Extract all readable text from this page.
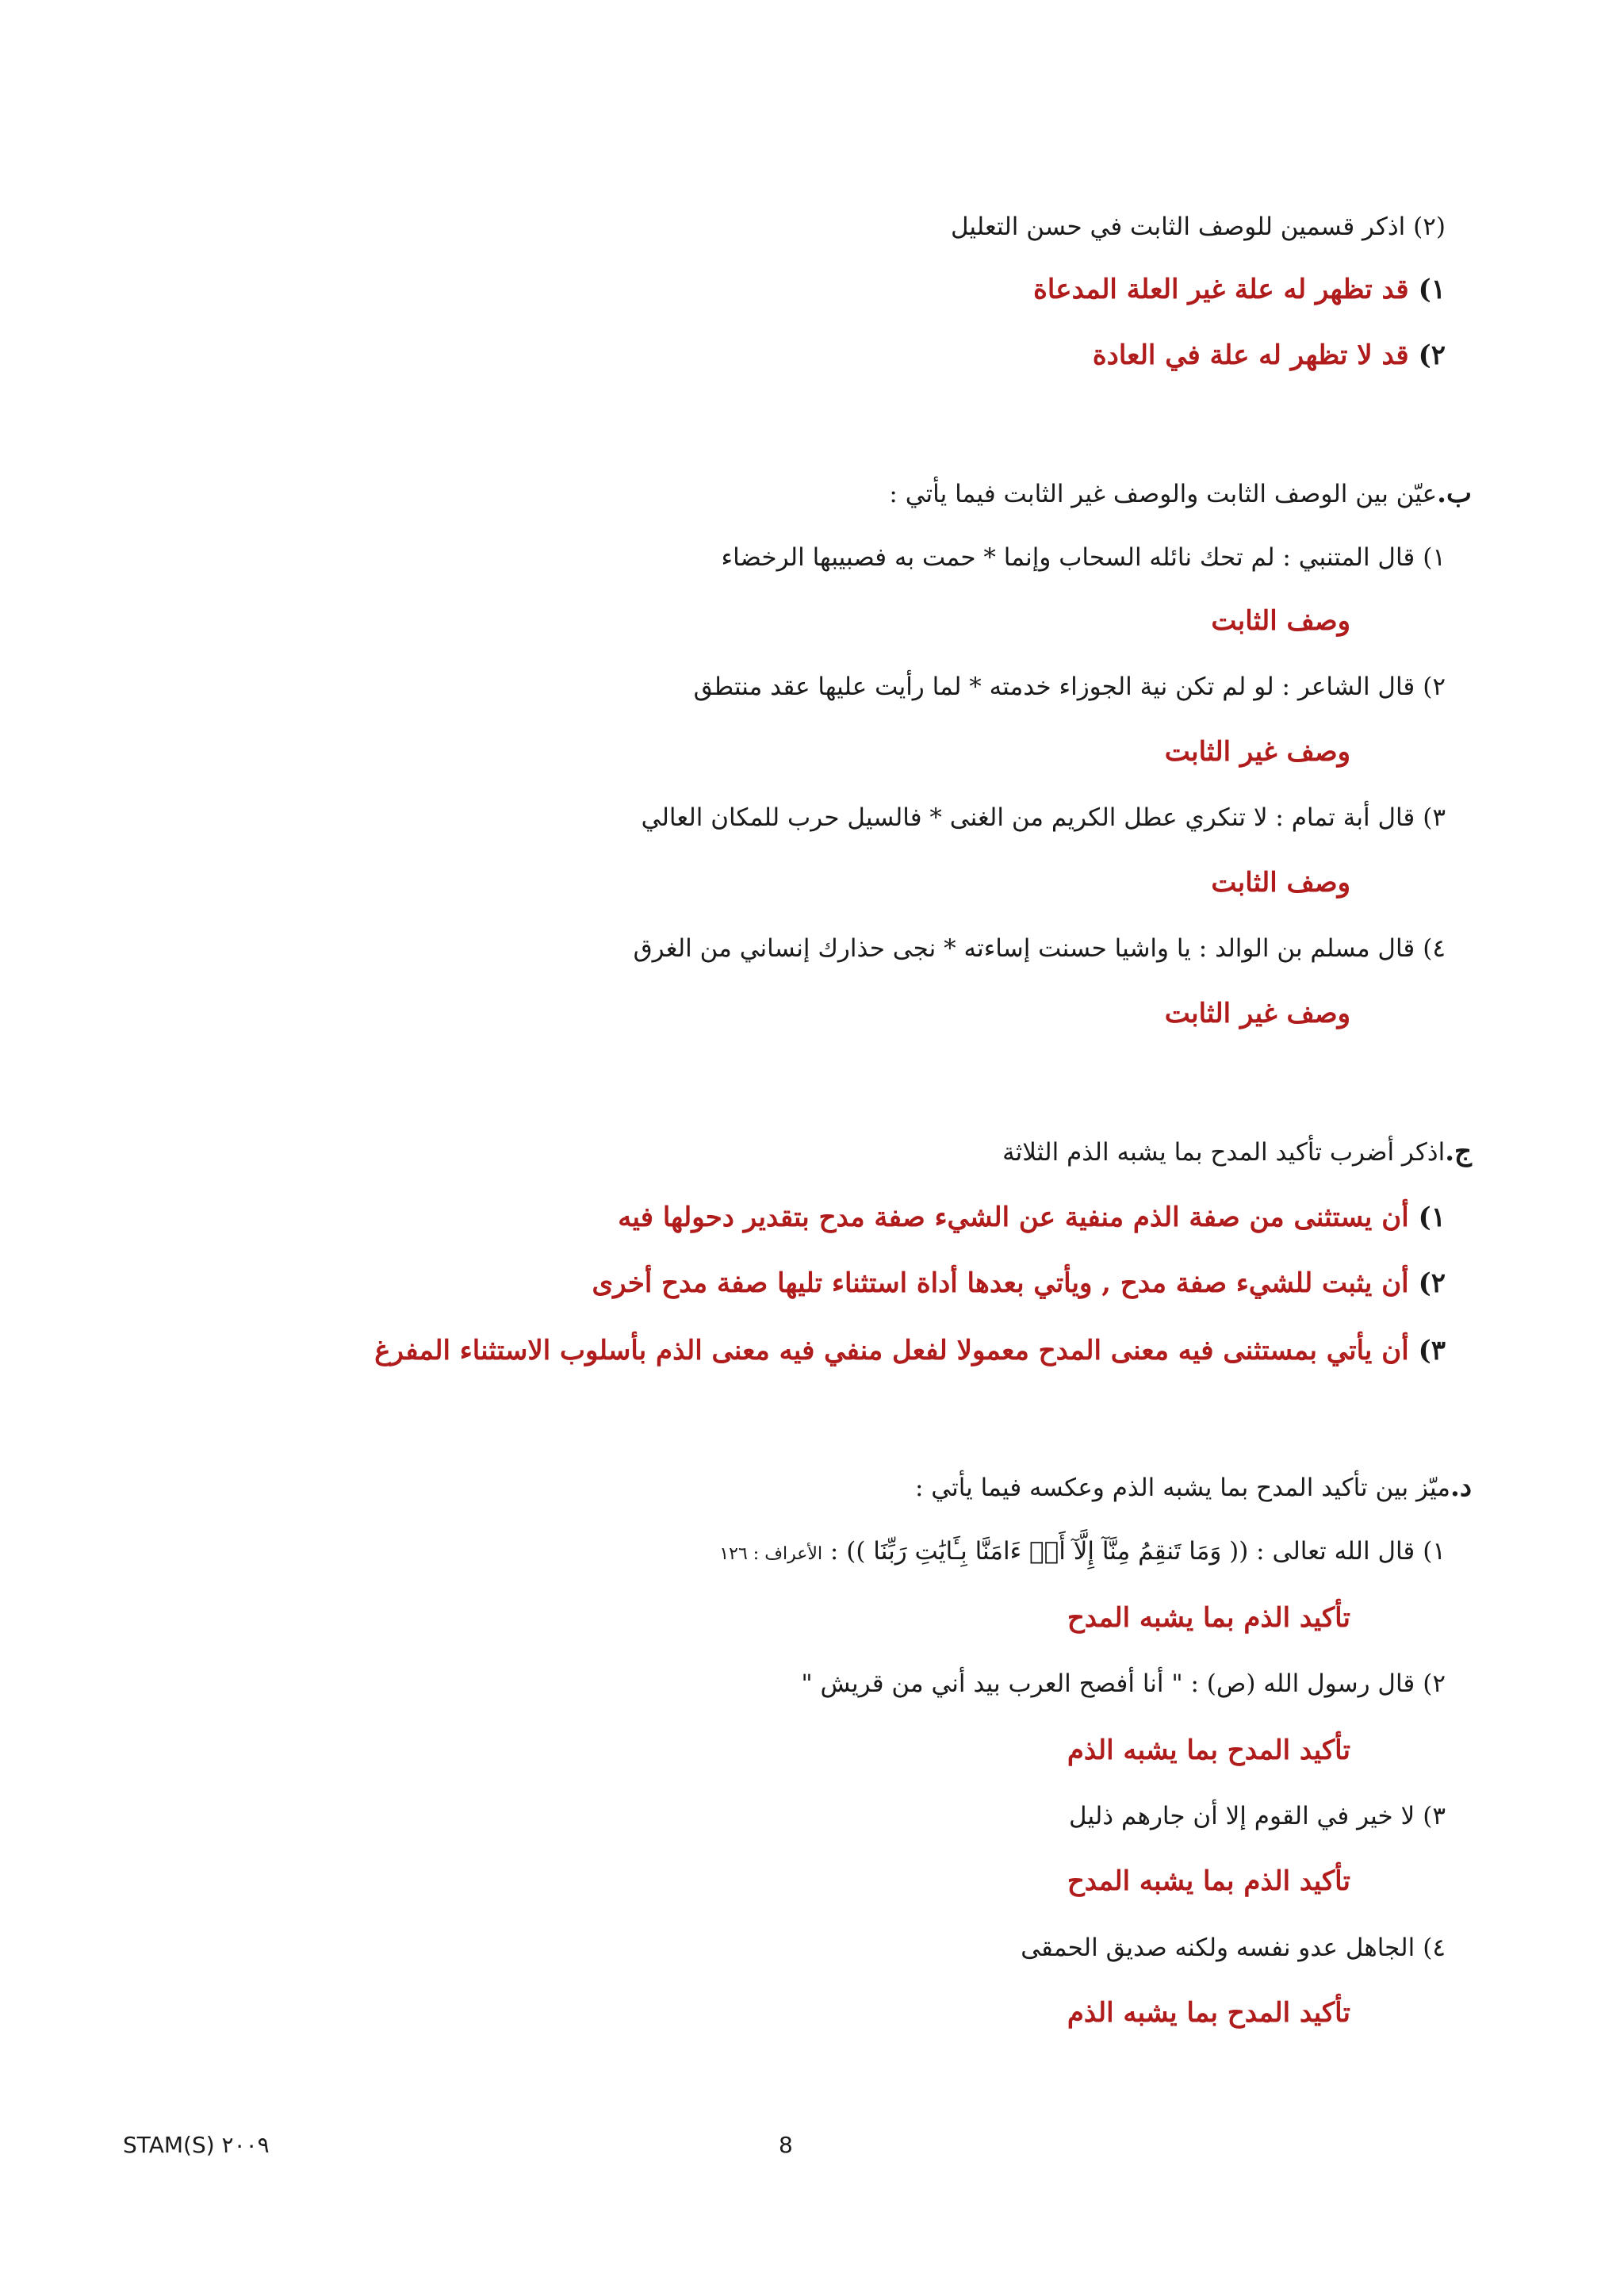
(٢) اذكر قسمين للوصف الثابت في حسن التعليل
١)قد تظهر له علة غير العلة المدعاة
٢)قد لا تظهر له علة في العادة
ب.عيّن بين الوصف الثابت والوصف غير الثابت فيما يأتي :
١)قال المتنبي : لم تحك نائله السحاب وإنما * حمت به فصبيبها الرخضاء
وصف الثابت
٢)قال الشاعر : لو لم تكن نية الجوزاء خدمته * لما رأيت عليها عقد منتطق
وصف غير الثابت
٣)قال أبة تمام : لا تنكري عطل الكريم من الغنى * فالسيل حرب للمكان العالي
وصف الثابت
٤)قال مسلم بن الوالد : يا واشيا حسنت إساءته * نجى حذارك إنساني من الغرق
وصف غير الثابت
ج.اذكر أضرب تأكيد المدح بما يشبه الذم الثلاثة
١)أن يستثنى من صفة الذم منفية عن الشيء صفة مدح بتقدير دحولها فيه
٢)أن يثبت للشيء صفة مدح , ويأتي بعدها أداة استثناء تليها صفة مدح أخرى
٣)أن يأتي بمستثنى فيه معنى المدح معمولا لفعل منفي فيه معنى الذم بأسلوب الاستثناء المفرغ
د.ميّز بين تأكيد المدح بما يشبه الذم وعكسه فيما يأتي :
١)قال الله تعالى : (( وَمَا تَنقِمُ مِنَّآ إِلَّآ أَنۡ ءَامَنَّا بِـَٔايَٰتِ رَبِّنَا )) : الأعراف : ١٢٦
تأكيد الذم بما يشبه المدح
٢)قال رسول الله (ص) : " أنا أفصح العرب بيد أني من قريش "
تأكيد المدح بما يشبه الذم
٣)لا خير في القوم إلا أن جارهم ذليل
تأكيد الذم بما يشبه المدح
٤)الجاهل عدو نفسه ولكنه صديق الحمقى
تأكيد المدح بما يشبه الذم
STAM(S) ٢٠٠٩	8
